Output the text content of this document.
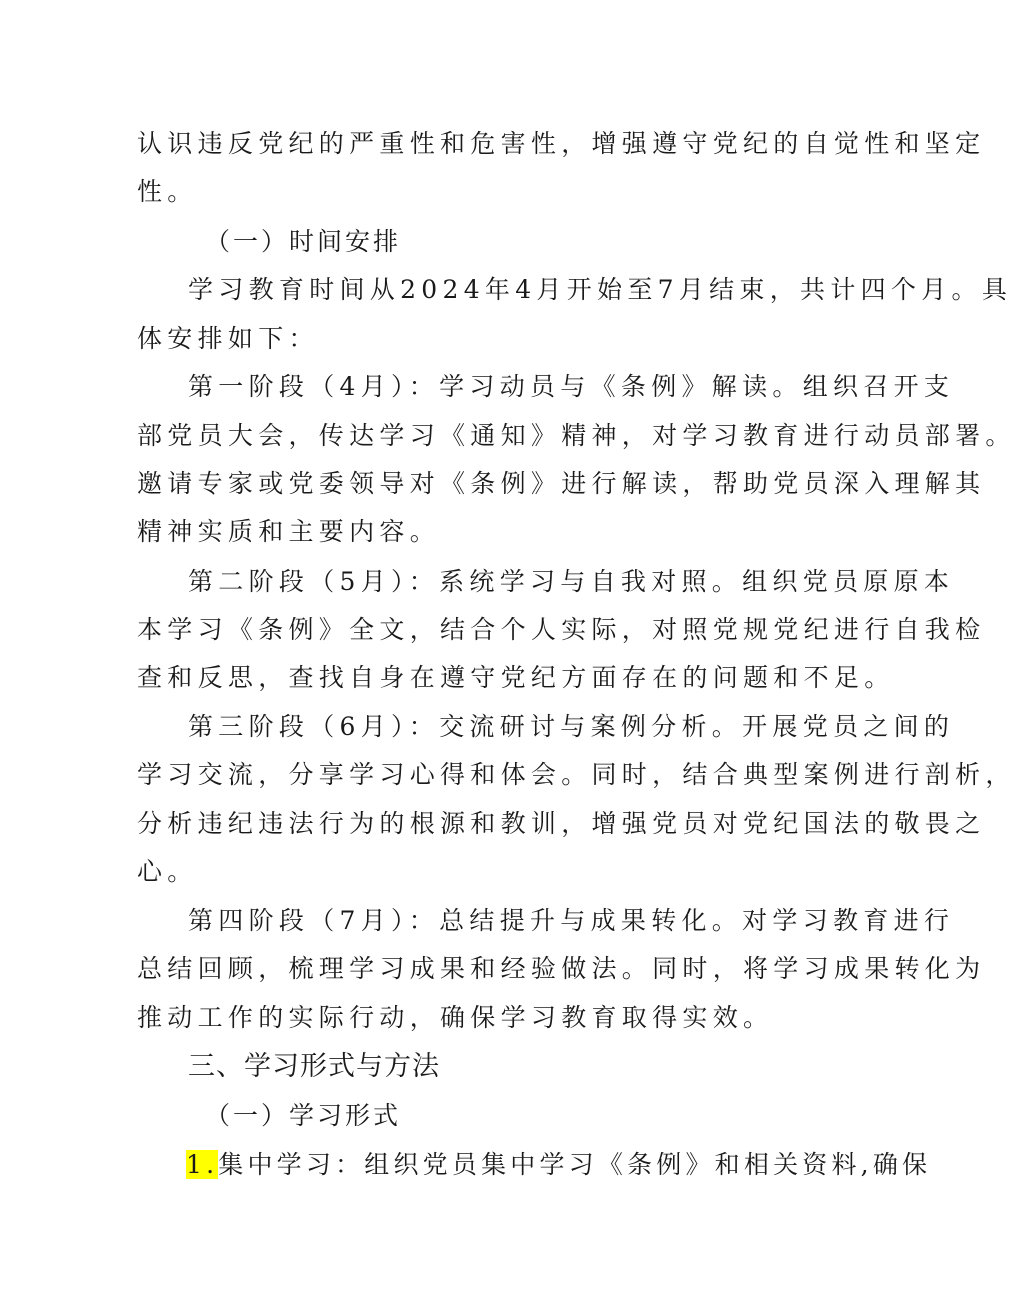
认识违反党纪的严重性和危害性，增强遵守党纪的自觉性和坚定
性。
（一）时间安排
学习教育时间从2024年4月开始至7月结束，共计四个月。具
体安排如下：
第一阶段（4月）：学习动员与《条例》解读。组织召开支
部党员大会，传达学习《通知》精神，对学习教育进行动员部署。
邀请专家或党委领导对《条例》进行解读，帮助党员深入理解其
精神实质和主要内容。
第二阶段（5月）：系统学习与自我对照。组织党员原原本
本学习《条例》全文，结合个人实际，对照党规党纪进行自我检
查和反思，查找自身在遵守党纪方面存在的问题和不足。
第三阶段（6月）：交流研讨与案例分析。开展党员之间的
学习交流，分享学习心得和体会。同时，结合典型案例进行剖析，
分析违纪违法行为的根源和教训，增强党员对党纪国法的敬畏之
心。
第四阶段（7月）：总结提升与成果转化。对学习教育进行
总结回顾，梳理学习成果和经验做法。同时，将学习成果转化为
推动工作的实际行动，确保学习教育取得实效。
三、学习形式与方法
（一）学习形式
1.集中学习：组织党员集中学习《条例》和相关资料,确保
